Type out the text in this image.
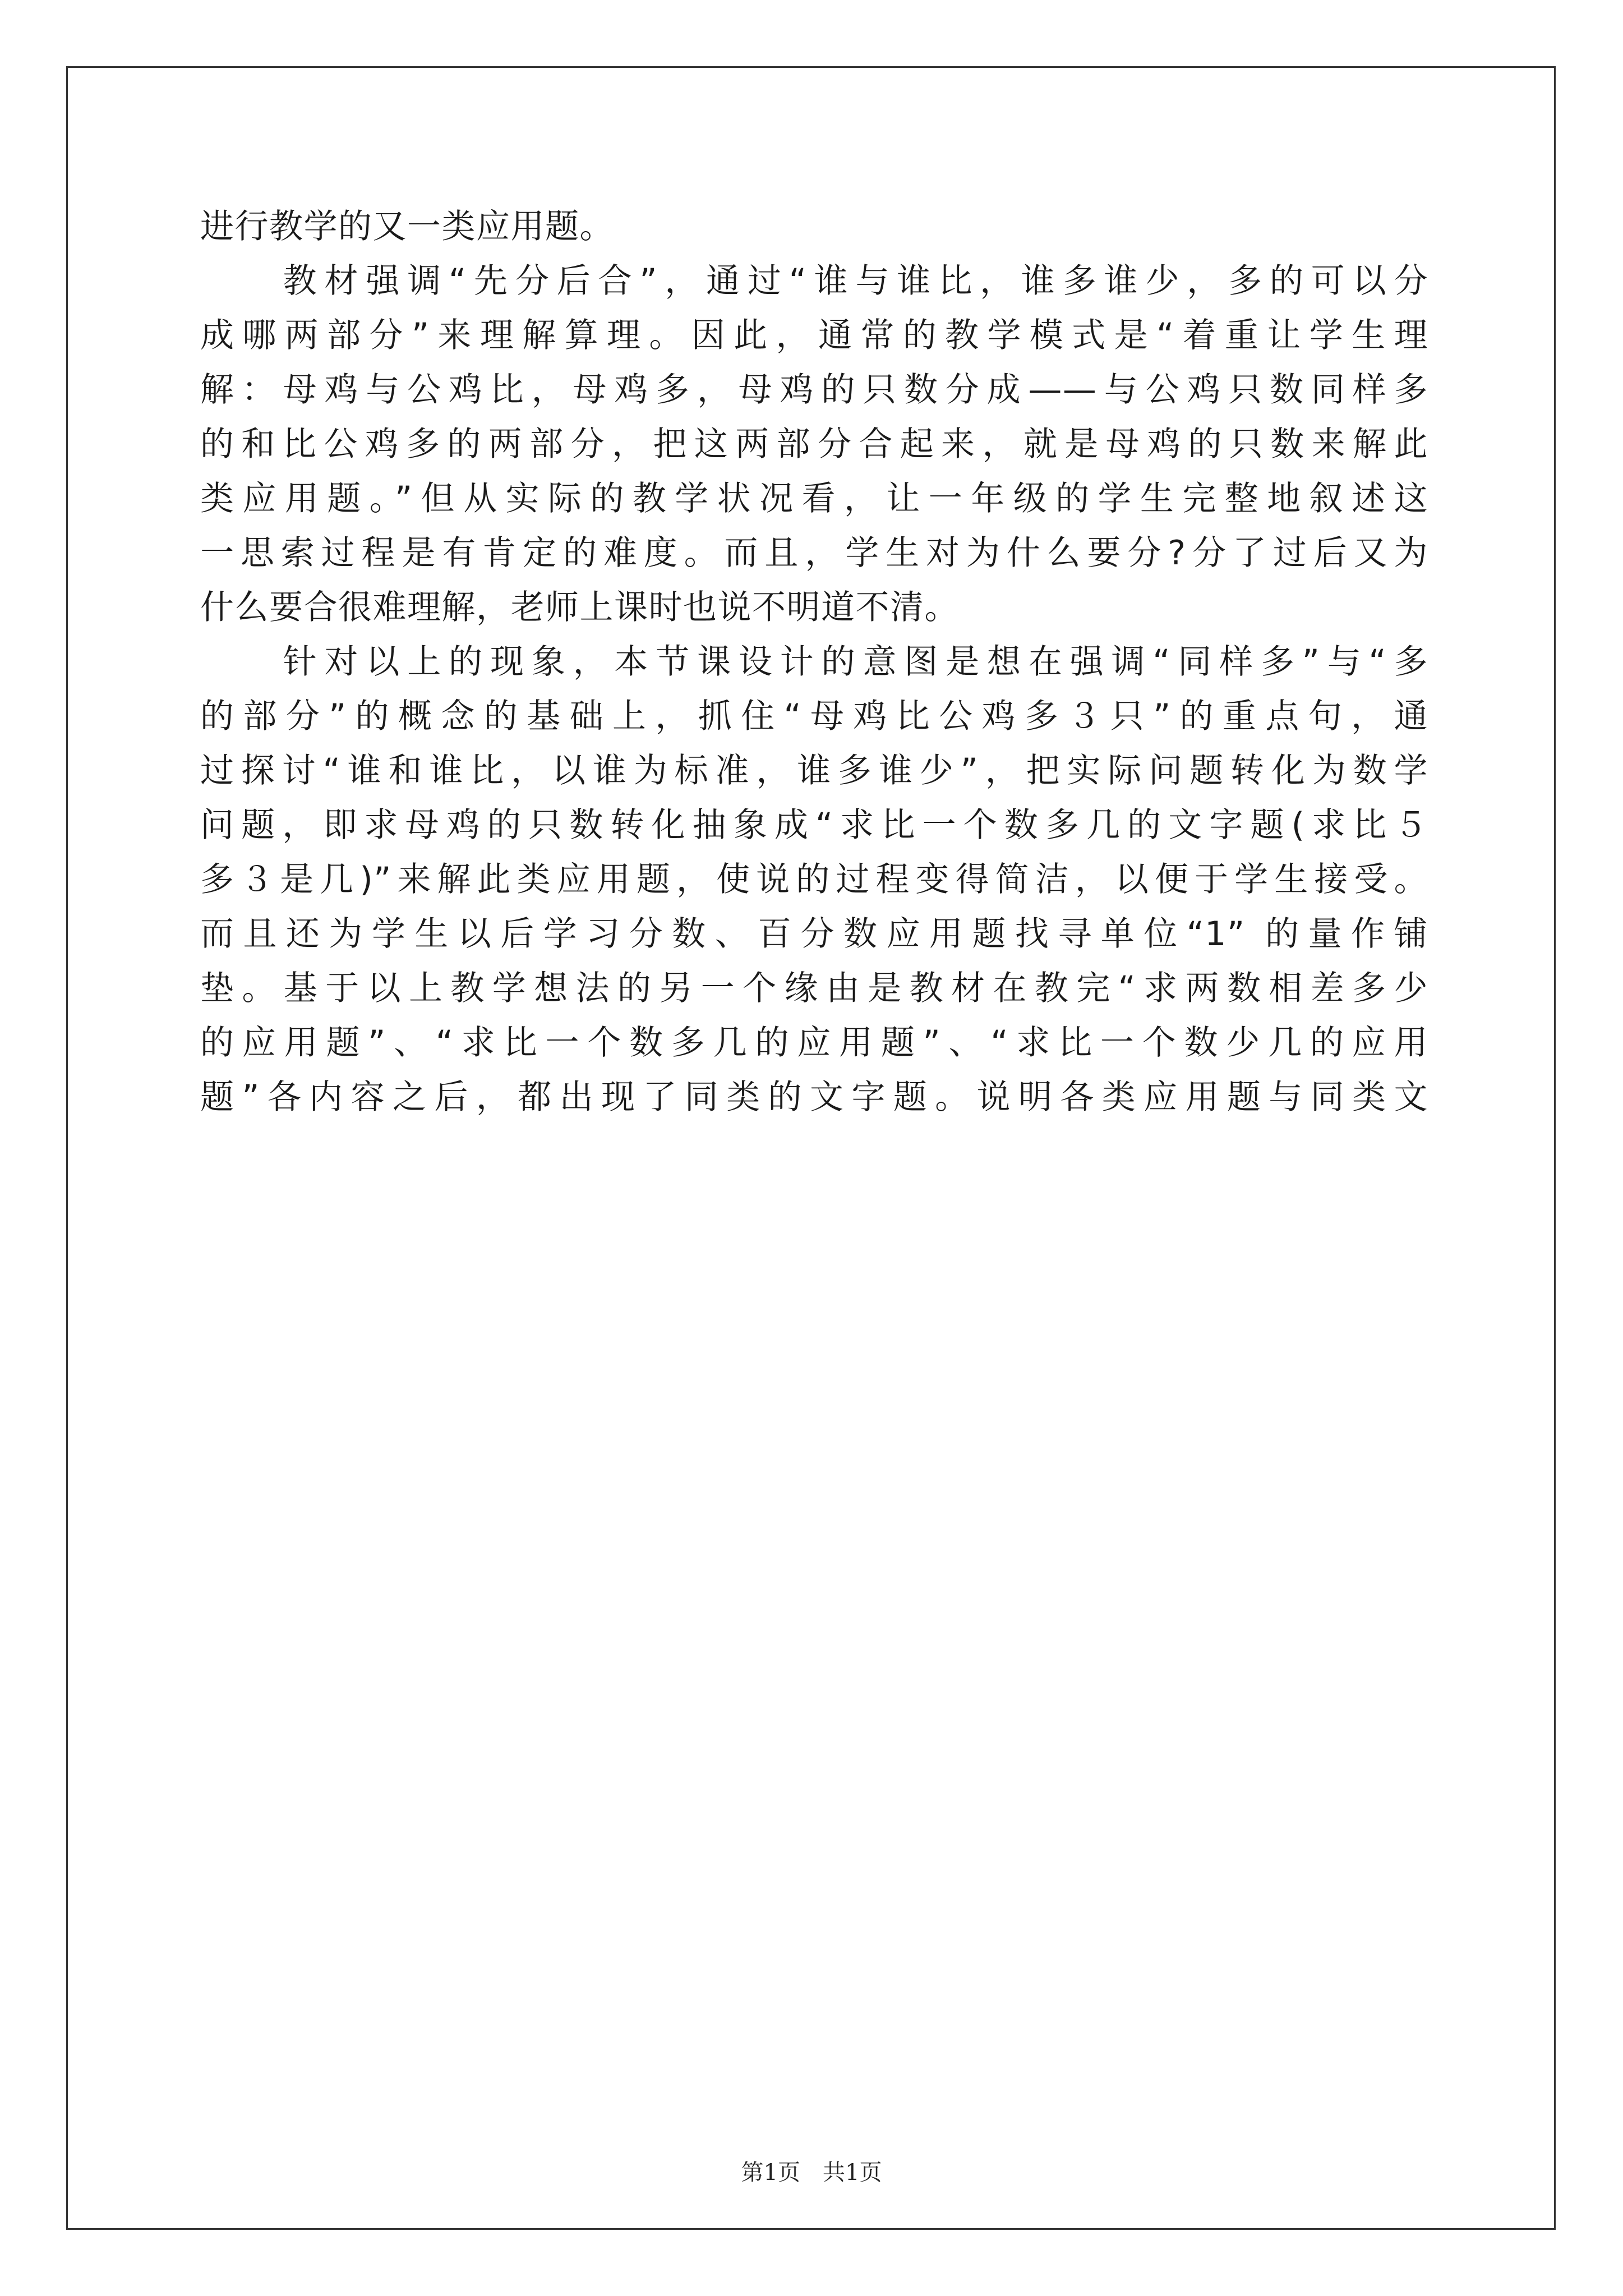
进行教学的又一类应用题。
　　教材强调“先分后合”，通过“谁与谁比，谁多谁少，多的可以分
成哪两部分”来理解算理。因此，通常的教学模式是“着重让学生理
解：母鸡与公鸡比，母鸡多，母鸡的只数分成——与公鸡只数同样多
的和比公鸡多的两部分，把这两部分合起来，就是母鸡的只数来解此
类应用题。”但从实际的教学状况看，让一年级的学生完整地叙述这
一思索过程是有肯定的难度。而且，学生对为什么要分?分了过后又为
什么要合很难理解，老师上课时也说不明道不清。
　　针对以上的现象，本节课设计的意图是想在强调“同样多”与“多
的部分”的概念的基础上，抓住“母鸡比公鸡多３只”的重点句，通
过探讨“谁和谁比，以谁为标准，谁多谁少”，把实际问题转化为数学
问题，即求母鸡的只数转化抽象成“求比一个数多几的文字题(求比５
多３是几)”来解此类应用题，使说的过程变得简洁，以便于学生接受。
而且还为学生以后学习分数、百分数应用题找寻单位“1” 的量作铺
垫。基于以上教学想法的另一个缘由是教材在教完“求两数相差多少
的应用题”、“求比一个数多几的应用题”、“求比一个数少几的应用
题”各内容之后，都出现了同类的文字题。说明各类应用题与同类文
第1页 共1页
